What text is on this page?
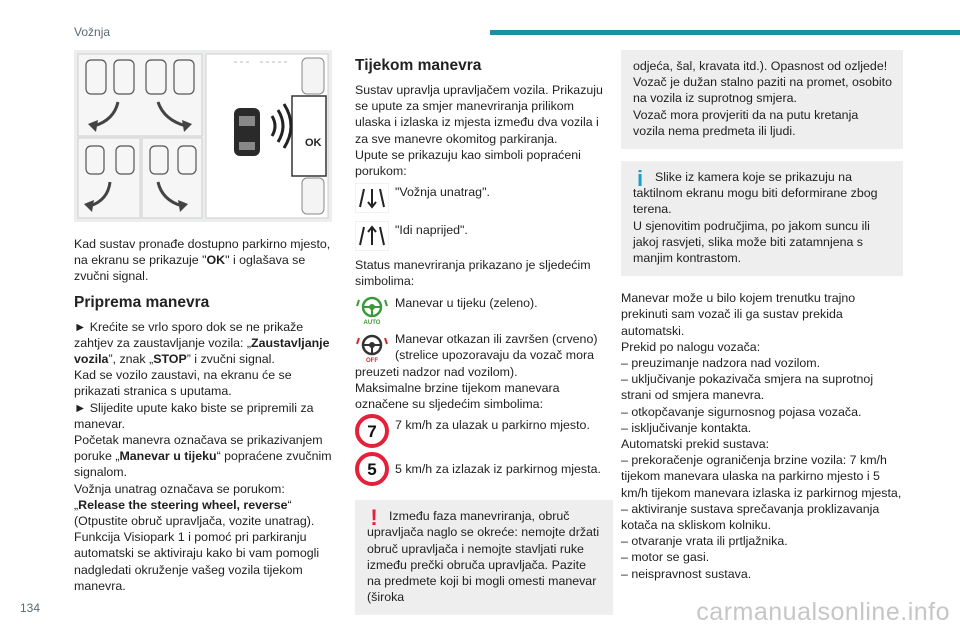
Vožnja
OK

Kad sustav pronađe dostupno parkirno mjesto, na ekranu se prikazuje "OK" i oglašava se zvučni signal.

Priprema manevra

► Krećite se vrlo sporo dok se ne prikaže zahtjev za zaustavljanje vozila: „Zaustavljanje vozila”, znak „STOP” i zvučni signal.

Kad se vozilo zaustavi, na ekranu će se prikazati stranica s uputama.

► Slijedite upute kako biste se pripremili za manevar.

Početak manevra označava se prikazivanjem poruke „Manevar u tijeku“ popraćene zvučnim signalom.

Vožnja unatrag označava se porukom: „Release the steering wheel, reverse“ (Otpustite obruč upravljača, vozite unatrag).

Funkcija Visiopark 1 i pomoć pri parkiranju automatski se aktiviraju kako bi vam pomogli nadgledati okruženje vašeg vozila tijekom manevra.

Tijekom manevra

Sustav upravlja upravljačem vozila. Prikazuju se upute za smjer manevriranja prilikom ulaska i izlaska iz mjesta između dva vozila i za sve manevre okomitog parkiranja.

Upute se prikazuju kao simboli popraćeni porukom:

"Vožnja unatrag".
"Idi naprijed".

Status manevriranja prikazano je sljedećim simbolima:

AUTO
Manevar u tijeku (zeleno).
OFF
Manevar otkazan ili završen (crveno)
(strelice upozoravaju da vozač mora

preuzeti nadzor nad vozilom).

Maksimalne brzine tijekom manevara označene su sljedećim simbolima:

7 7 km/h za ulazak u parkirno mjesto.
5 5 km/h za izlazak iz parkirnog mjesta.
! Između faza manevriranja, obruč upravljača naglo se okreće: nemojte držati obruč upravljača i nemojte stavljati ruke između prečki obruča upravljača. Pazite na predmete koji bi mogli omesti manevar (široka

odjeća, šal, kravata itd.). Opasnost od ozljede!

Vozač je dužan stalno paziti na promet, osobito na vozila iz suprotnog smjera.

Vozač mora provjeriti da na putu kretanja vozila nema predmeta ili ljudi.

i Slike iz kamera koje se prikazuju na taktilnom ekranu mogu biti deformirane zbog terena.

U sjenovitim područjima, po jakom suncu ili jakoj rasvjeti, slika može biti zatamnjena s manjim kontrastom.

Manevar može u bilo kojem trenutku trajno prekinuti sam vozač ili ga sustav prekida automatski.

Prekid po nalogu vozača:

– preuzimanje nadzora nad vozilom.

– uključivanje pokazivača smjera na suprotnoj strani od smjera manevra.

– otkopčavanje sigurnosnog pojasa vozača.

– isključivanje kontakta.

Automatski prekid sustava:

– prekoračenje ograničenja brzine vozila: 7 km/h tijekom manevara ulaska na parkirno mjesto i 5 km/h tijekom manevara izlaska iz parkirnog mjesta,

– aktiviranje sustava sprečavanja proklizavanja kotača na skliskom kolniku.

– otvaranje vrata ili prtljažnika.

– motor se gasi.

– neispravnost sustava.

134	carmanualsonline.info
